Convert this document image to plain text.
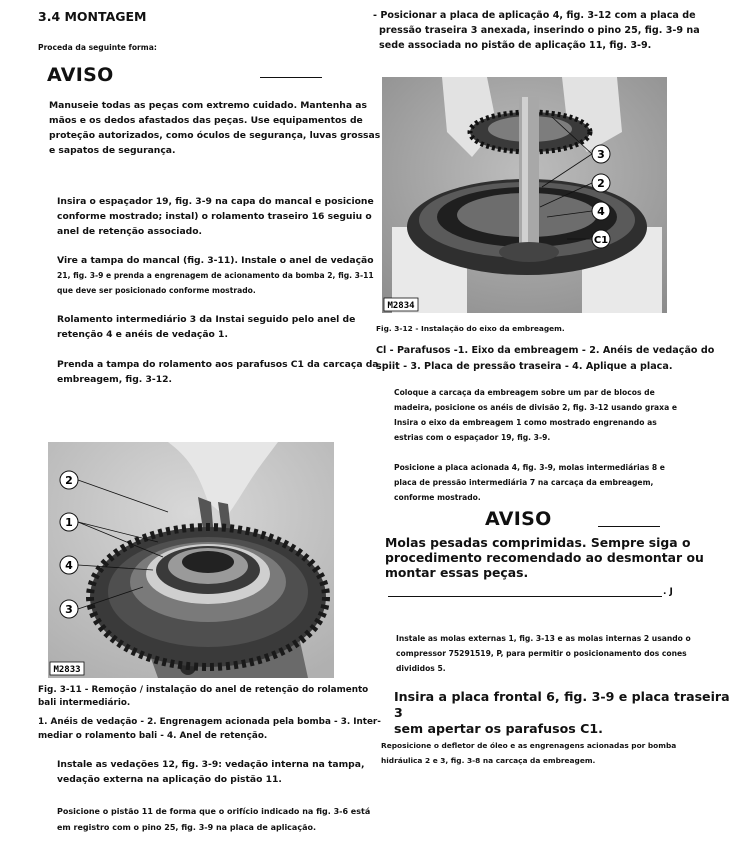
3.4 MONTAGEM
Proceda da seguinte forma:
AVISO
Manuseie todas as peças com extremo cuidado. Mantenha as
mãos e os dedos afastados das peças. Use equipamentos de
proteção autorizados, como óculos de segurança, luvas grossas
e sapatos de segurança.
Insira o espaçador 19, fig. 3-9 na capa do mancal e posicione
conforme mostrado; instal) o rolamento traseiro 16 seguiu o
anel de retenção associado.
Vire a tampa do mancal (fig. 3-11). Instale o anel de vedação
21, fig. 3-9 e prenda a engrenagem de acionamento da bomba 2, fig. 3-11
que deve ser posicionado conforme mostrado.
Rolamento intermediário 3 da Instai seguido pelo anel de
retenção 4 e anéis de vedação 1.
Prenda a tampa do rolamento aos parafusos C1 da carcaça da
embreagem, fig. 3-12.
2
1
4
3
M2833
Fig. 3-11 - Remoção / instalação do anel de retenção do rolamento
bali intermediário.
1. Anéis de vedação - 2. Engrenagem acionada pela bomba - 3. Inter-
mediar o rolamento bali - 4. Anel de retenção.
Instale as vedações 12, fig. 3-9: vedação interna na tampa,
vedação externa na aplicação do pistão 11.
Posicione o pistão 11 de forma que o orifício indicado na fig. 3-6 está
em registro com o pino 25, fig. 3-9 na placa de aplicação.
- Posicionar a placa de aplicação 4, fig. 3-12 com a placa de
pressão traseira 3 anexada, inserindo o pino 25, fig. 3-9 na
sede associada no pistão de aplicação 11, fig. 3-9.
3
2
4
C1
M2834
Fig. 3-12 - Instalação do eixo da embreagem.
Cl - Parafusos -1. Eixo da embreagem - 2. Anéis de vedação do
spiit - 3. Placa de pressão traseira - 4. Aplique a placa.
Coloque a carcaça da embreagem sobre um par de blocos de
madeira, posicione os anéis de divisão 2, fig. 3-12 usando graxa e
Insira o eixo da embreagem 1 como mostrado engrenando as
estrias com o espaçador 19, fig. 3-9.
Posicione a placa acionada 4, fig. 3-9, molas intermediárias 8 e
placa de pressão intermediária 7 na carcaça da embreagem,
conforme mostrado.
AVISO
Molas pesadas comprimidas. Sempre siga o
procedimento recomendado ao desmontar ou
montar essas peças.
. J
Instale as molas externas 1, fig. 3-13 e as molas internas 2 usando o
compressor 75291519, P, para permitir o posicionamento dos cones
divididos 5.
Insira a placa frontal 6, fig. 3-9 e placa traseira 3
sem apertar os parafusos C1.
Reposicione o defletor de óleo e as engrenagens acionadas por bomba
hidráulica 2 e 3, fig. 3-8 na carcaça da embreagem.
